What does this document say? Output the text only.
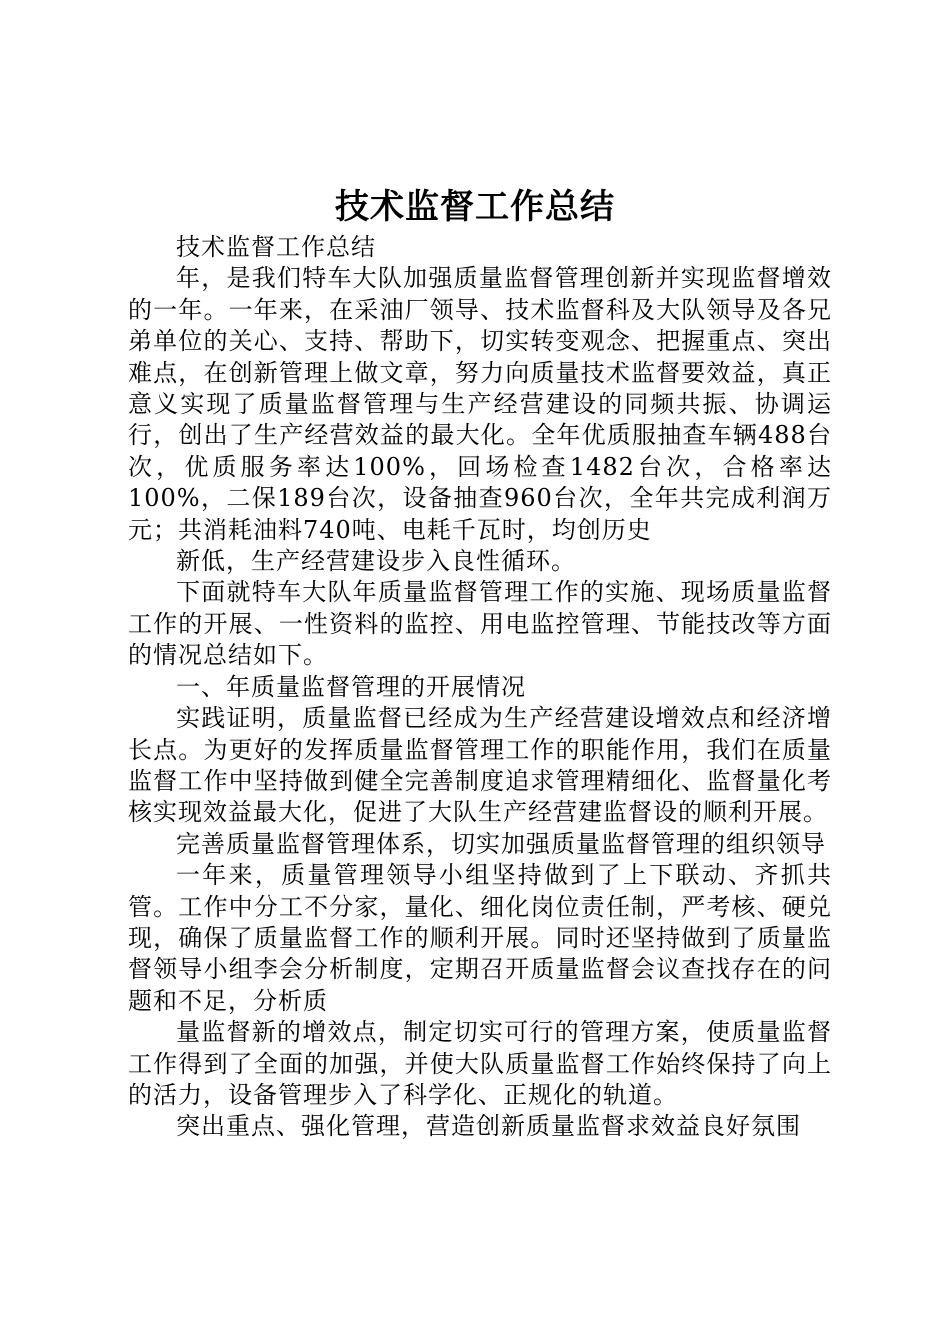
技术监督工作总结

技术监督工作总结

年，是我们特车大队加强质量监督管理创新并实现监督增效的一年。一年来，在采油厂领导、技术监督科及大队领导及各兄弟单位的关心、支持、帮助下，切实转变观念、把握重点、突出难点，在创新管理上做文章，努力向质量技术监督要效益，真正意义实现了质量监督管理与生产经营建设的同频共振、协调运行，创出了生产经营效益的最大化。全年优质服抽查车辆488台次，优质服务率达100%，回场检查1482台次，合格率达100%，二保189台次，设备抽查960台次，全年共完成利润万元；共消耗油料740吨、电耗千瓦时，均创历史

新低，生产经营建设步入良性循环。

下面就特车大队年质量监督管理工作的实施、现场质量监督工作的开展、一性资料的监控、用电监控管理、节能技改等方面的情况总结如下。

一、年质量监督管理的开展情况

实践证明，质量监督已经成为生产经营建设增效点和经济增长点。为更好的发挥质量监督管理工作的职能作用，我们在质量监督工作中坚持做到健全完善制度追求管理精细化、监督量化考核实现效益最大化，促进了大队生产经营建监督设的顺利开展。

完善质量监督管理体系，切实加强质量监督管理的组织领导

一年来，质量管理领导小组坚持做到了上下联动、齐抓共管。工作中分工不分家，量化、细化岗位责任制，严考核、硬兑现，确保了质量监督工作的顺利开展。同时还坚持做到了质量监督领导小组李会分析制度，定期召开质量监督会议查找存在的问题和不足，分析质

量监督新的增效点，制定切实可行的管理方案，使质量监督工作得到了全面的加强，并使大队质量监督工作始终保持了向上的活力，设备管理步入了科学化、正规化的轨道。

突出重点、强化管理，营造创新质量监督求效益良好氛围
